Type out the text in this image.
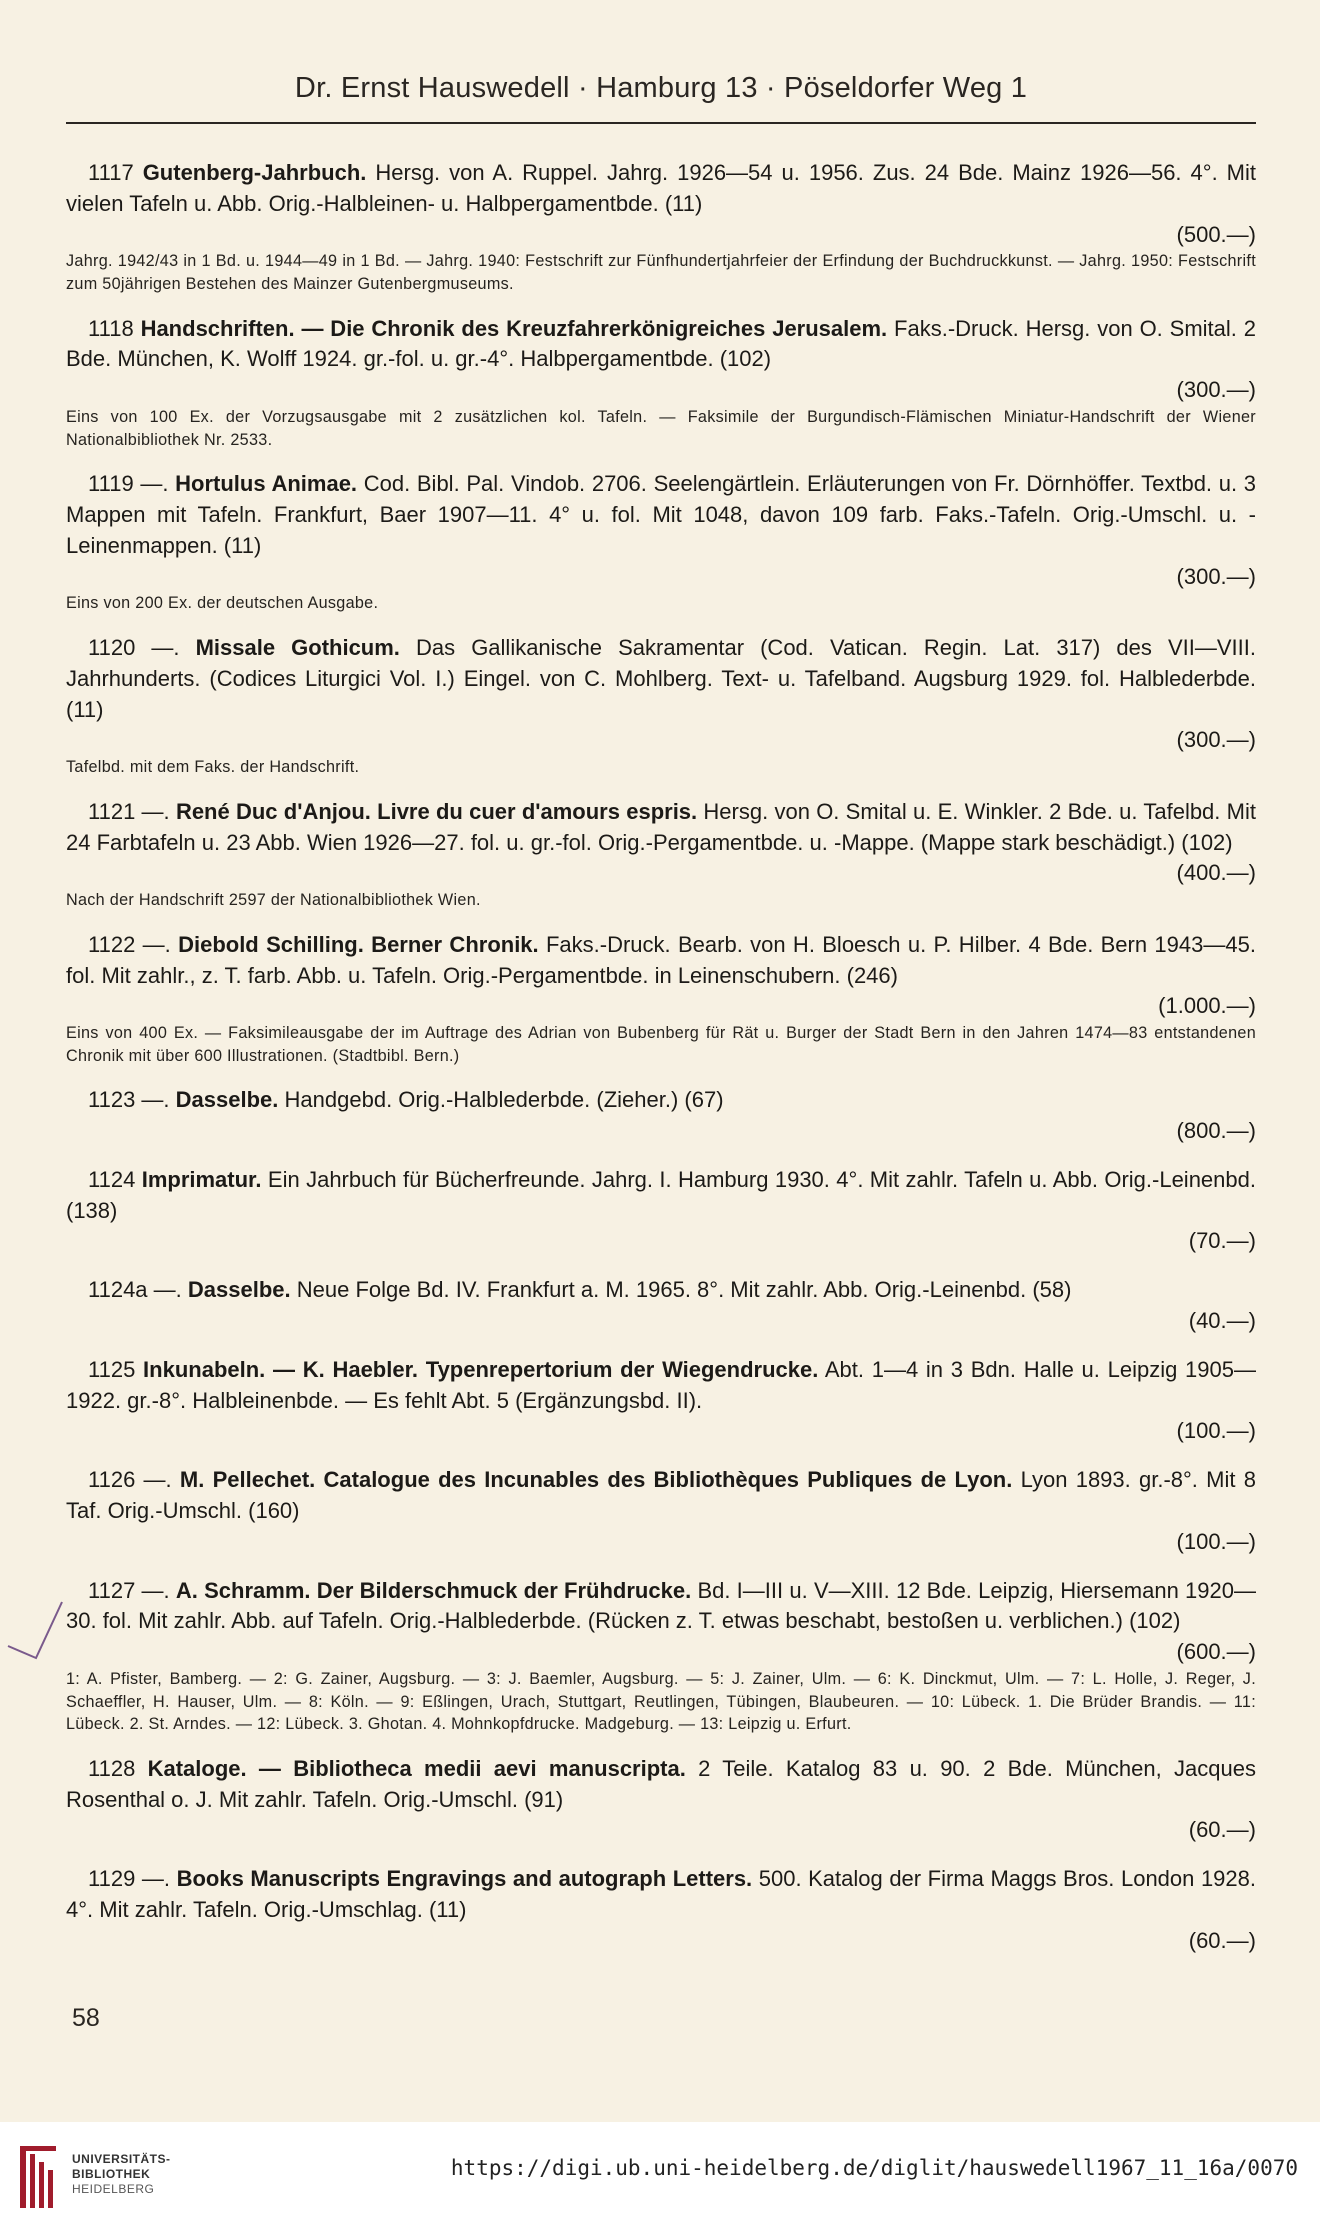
Dr. Ernst Hauswedell · Hamburg 13 · Pöseldorfer Weg 1
1117 Gutenberg-Jahrbuch. Hersg. von A. Ruppel. Jahrg. 1926—54 u. 1956. Zus. 24 Bde. Mainz 1926—56. 4°. Mit vielen Tafeln u. Abb. Orig.-Halbleinen- u. Halbpergamentbde. (11)
(500.—)
Jahrg. 1942/43 in 1 Bd. u. 1944—49 in 1 Bd. — Jahrg. 1940: Festschrift zur Fünfhundertjahrfeier der Erfindung der Buchdruckkunst. — Jahrg. 1950: Festschrift zum 50jährigen Bestehen des Mainzer Gutenbergmuseums.
1118 Handschriften. — Die Chronik des Kreuzfahrerkönigreiches Jerusalem. Faks.-Druck. Hersg. von O. Smital. 2 Bde. München, K. Wolff 1924. gr.-fol. u. gr.-4°. Halbpergamentbde. (102)
(300.—)
Eins von 100 Ex. der Vorzugsausgabe mit 2 zusätzlichen kol. Tafeln. — Faksimile der Burgundisch-Flämischen Miniatur-Handschrift der Wiener Nationalbibliothek Nr. 2533.
1119 —. Hortulus Animae. Cod. Bibl. Pal. Vindob. 2706. Seelengärtlein. Erläuterungen von Fr. Dörnhöffer. Textbd. u. 3 Mappen mit Tafeln. Frankfurt, Baer 1907—11. 4° u. fol. Mit 1048, davon 109 farb. Faks.-Tafeln. Orig.-Umschl. u. -Leinenmappen. (11)
(300.—)
Eins von 200 Ex. der deutschen Ausgabe.
1120 —. Missale Gothicum. Das Gallikanische Sakramentar (Cod. Vatican. Regin. Lat. 317) des VII—VIII. Jahrhunderts. (Codices Liturgici Vol. I.) Eingel. von C. Mohlberg. Text- u. Tafelband. Augsburg 1929. fol. Halblederbde. (11)
(300.—)
Tafelbd. mit dem Faks. der Handschrift.
1121 —. René Duc d'Anjou. Livre du cuer d'amours espris. Hersg. von O. Smital u. E. Winkler. 2 Bde. u. Tafelbd. Mit 24 Farbtafeln u. 23 Abb. Wien 1926—27. fol. u. gr.-fol. Orig.-Pergamentbde. u. -Mappe. (Mappe stark beschädigt.) (102)
(400.—)
Nach der Handschrift 2597 der Nationalbibliothek Wien.
1122 —. Diebold Schilling. Berner Chronik. Faks.-Druck. Bearb. von H. Bloesch u. P. Hilber. 4 Bde. Bern 1943—45. fol. Mit zahlr., z. T. farb. Abb. u. Tafeln. Orig.-Pergamentbde. in Leinenschubern. (246)
(1.000.—)
Eins von 400 Ex. — Faksimileausgabe der im Auftrage des Adrian von Bubenberg für Rät u. Burger der Stadt Bern in den Jahren 1474—83 entstandenen Chronik mit über 600 Illustrationen. (Stadtbibl. Bern.)
1123 —. Dasselbe. Handgebd. Orig.-Halblederbde. (Zieher.) (67)
(800.—)
1124 Imprimatur. Ein Jahrbuch für Bücherfreunde. Jahrg. I. Hamburg 1930. 4°. Mit zahlr. Tafeln u. Abb. Orig.-Leinenbd. (138)
(70.—)
1124a —. Dasselbe. Neue Folge Bd. IV. Frankfurt a. M. 1965. 8°. Mit zahlr. Abb. Orig.-Leinenbd. (58)
(40.—)
1125 Inkunabeln. — K. Haebler. Typenrepertorium der Wiegendrucke. Abt. 1—4 in 3 Bdn. Halle u. Leipzig 1905—1922. gr.-8°. Halbleinenbde. — Es fehlt Abt. 5 (Ergänzungsbd. II).
(100.—)
1126 —. M. Pellechet. Catalogue des Incunables des Bibliothèques Publiques de Lyon. Lyon 1893. gr.-8°. Mit 8 Taf. Orig.-Umschl. (160)
(100.—)
1127 —. A. Schramm. Der Bilderschmuck der Frühdrucke. Bd. I—III u. V—XIII. 12 Bde. Leipzig, Hiersemann 1920—30. fol. Mit zahlr. Abb. auf Tafeln. Orig.-Halblederbde. (Rücken z. T. etwas beschabt, bestoßen u. verblichen.) (102)
(600.—)
1: A. Pfister, Bamberg. — 2: G. Zainer, Augsburg. — 3: J. Baemler, Augsburg. — 5: J. Zainer, Ulm. — 6: K. Dinckmut, Ulm. — 7: L. Holle, J. Reger, J. Schaeffler, H. Hauser, Ulm. — 8: Köln. — 9: Eßlingen, Urach, Stuttgart, Reutlingen, Tübingen, Blaubeuren. — 10: Lübeck. 1. Die Brüder Brandis. — 11: Lübeck. 2. St. Arndes. — 12: Lübeck. 3. Ghotan. 4. Mohnkopfdrucke. Madgeburg. — 13: Leipzig u. Erfurt.
1128 Kataloge. — Bibliotheca medii aevi manuscripta. 2 Teile. Katalog 83 u. 90. 2 Bde. München, Jacques Rosenthal o. J. Mit zahlr. Tafeln. Orig.-Umschl. (91)
(60.—)
1129 —. Books Manuscripts Engravings and autograph Letters. 500. Katalog der Firma Maggs Bros. London 1928. 4°. Mit zahlr. Tafeln. Orig.-Umschlag. (11)
(60.—)
58
UNIVERSITÄTS-
BIBLIOTHEK
HEIDELBERG
https://digi.ub.uni-heidelberg.de/diglit/hauswedell1967_11_16a/0070
